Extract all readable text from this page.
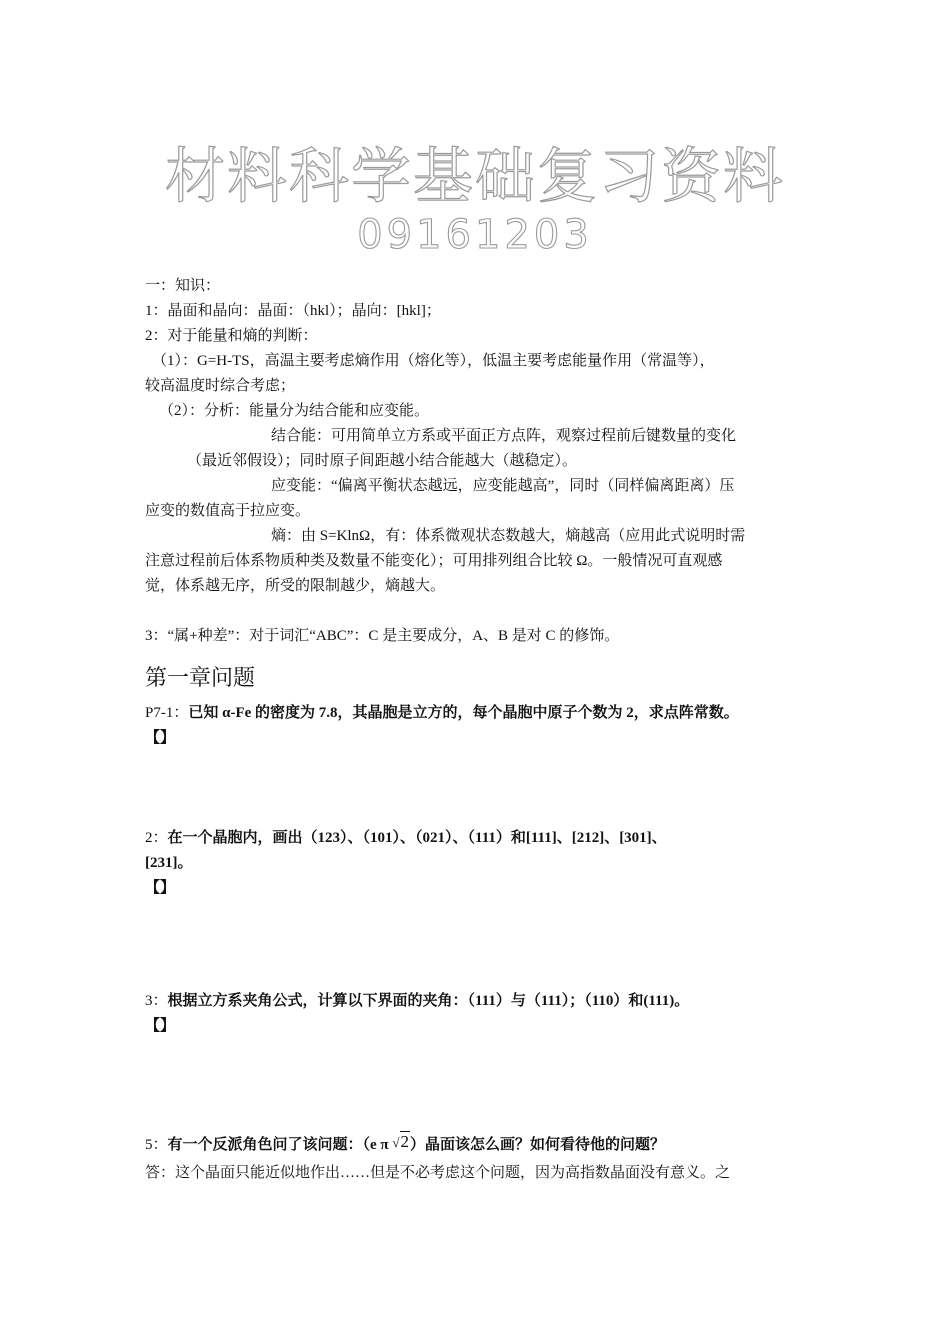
材料科学基础复习资料
09161203
一：知识：
1：晶面和晶向：晶面：（hkl）；晶向：[hkl]；
2：对于能量和熵的判断：
（1）：G=H-TS，高温主要考虑熵作用（熔化等），低温主要考虑能量作用（常温等），
较高温度时综合考虑；
（2）：分析：能量分为结合能和应变能。
结合能：可用简单立方系或平面正方点阵，观察过程前后键数量的变化
（最近邻假设）；同时原子间距越小结合能越大（越稳定）。
应变能：“偏离平衡状态越远，应变能越高”，同时（同样偏离距离）压
应变的数值高于拉应变。
熵：由 S=KlnΩ，有：体系微观状态数越大，熵越高（应用此式说明时需
注意过程前后体系物质种类及数量不能变化）；可用排列组合比较 Ω。一般情况可直观感
觉，体系越无序，所受的限制越少，熵越大。
3：“属+种差”：对于词汇“ABC”：C 是主要成分，A、B 是对 C 的修饰。
第一章问题
P7-1：已知 α-Fe 的密度为 7.8，其晶胞是立方的，每个晶胞中原子个数为 2，求点阵常数。
【】
2：在一个晶胞内，画出（123）、（101）、（021）、（111）和[111]、[212]、[301]、
[231]。
【】
3：根据立方系夹角公式，计算以下界面的夹角：（111）与（111）；（110）和(111)。
【】
5：有一个反派角色问了该问题：（e π √2）晶面该怎么画？如何看待他的问题？
答：这个晶面只能近似地作出……但是不必考虑这个问题，因为高指数晶面没有意义。之
